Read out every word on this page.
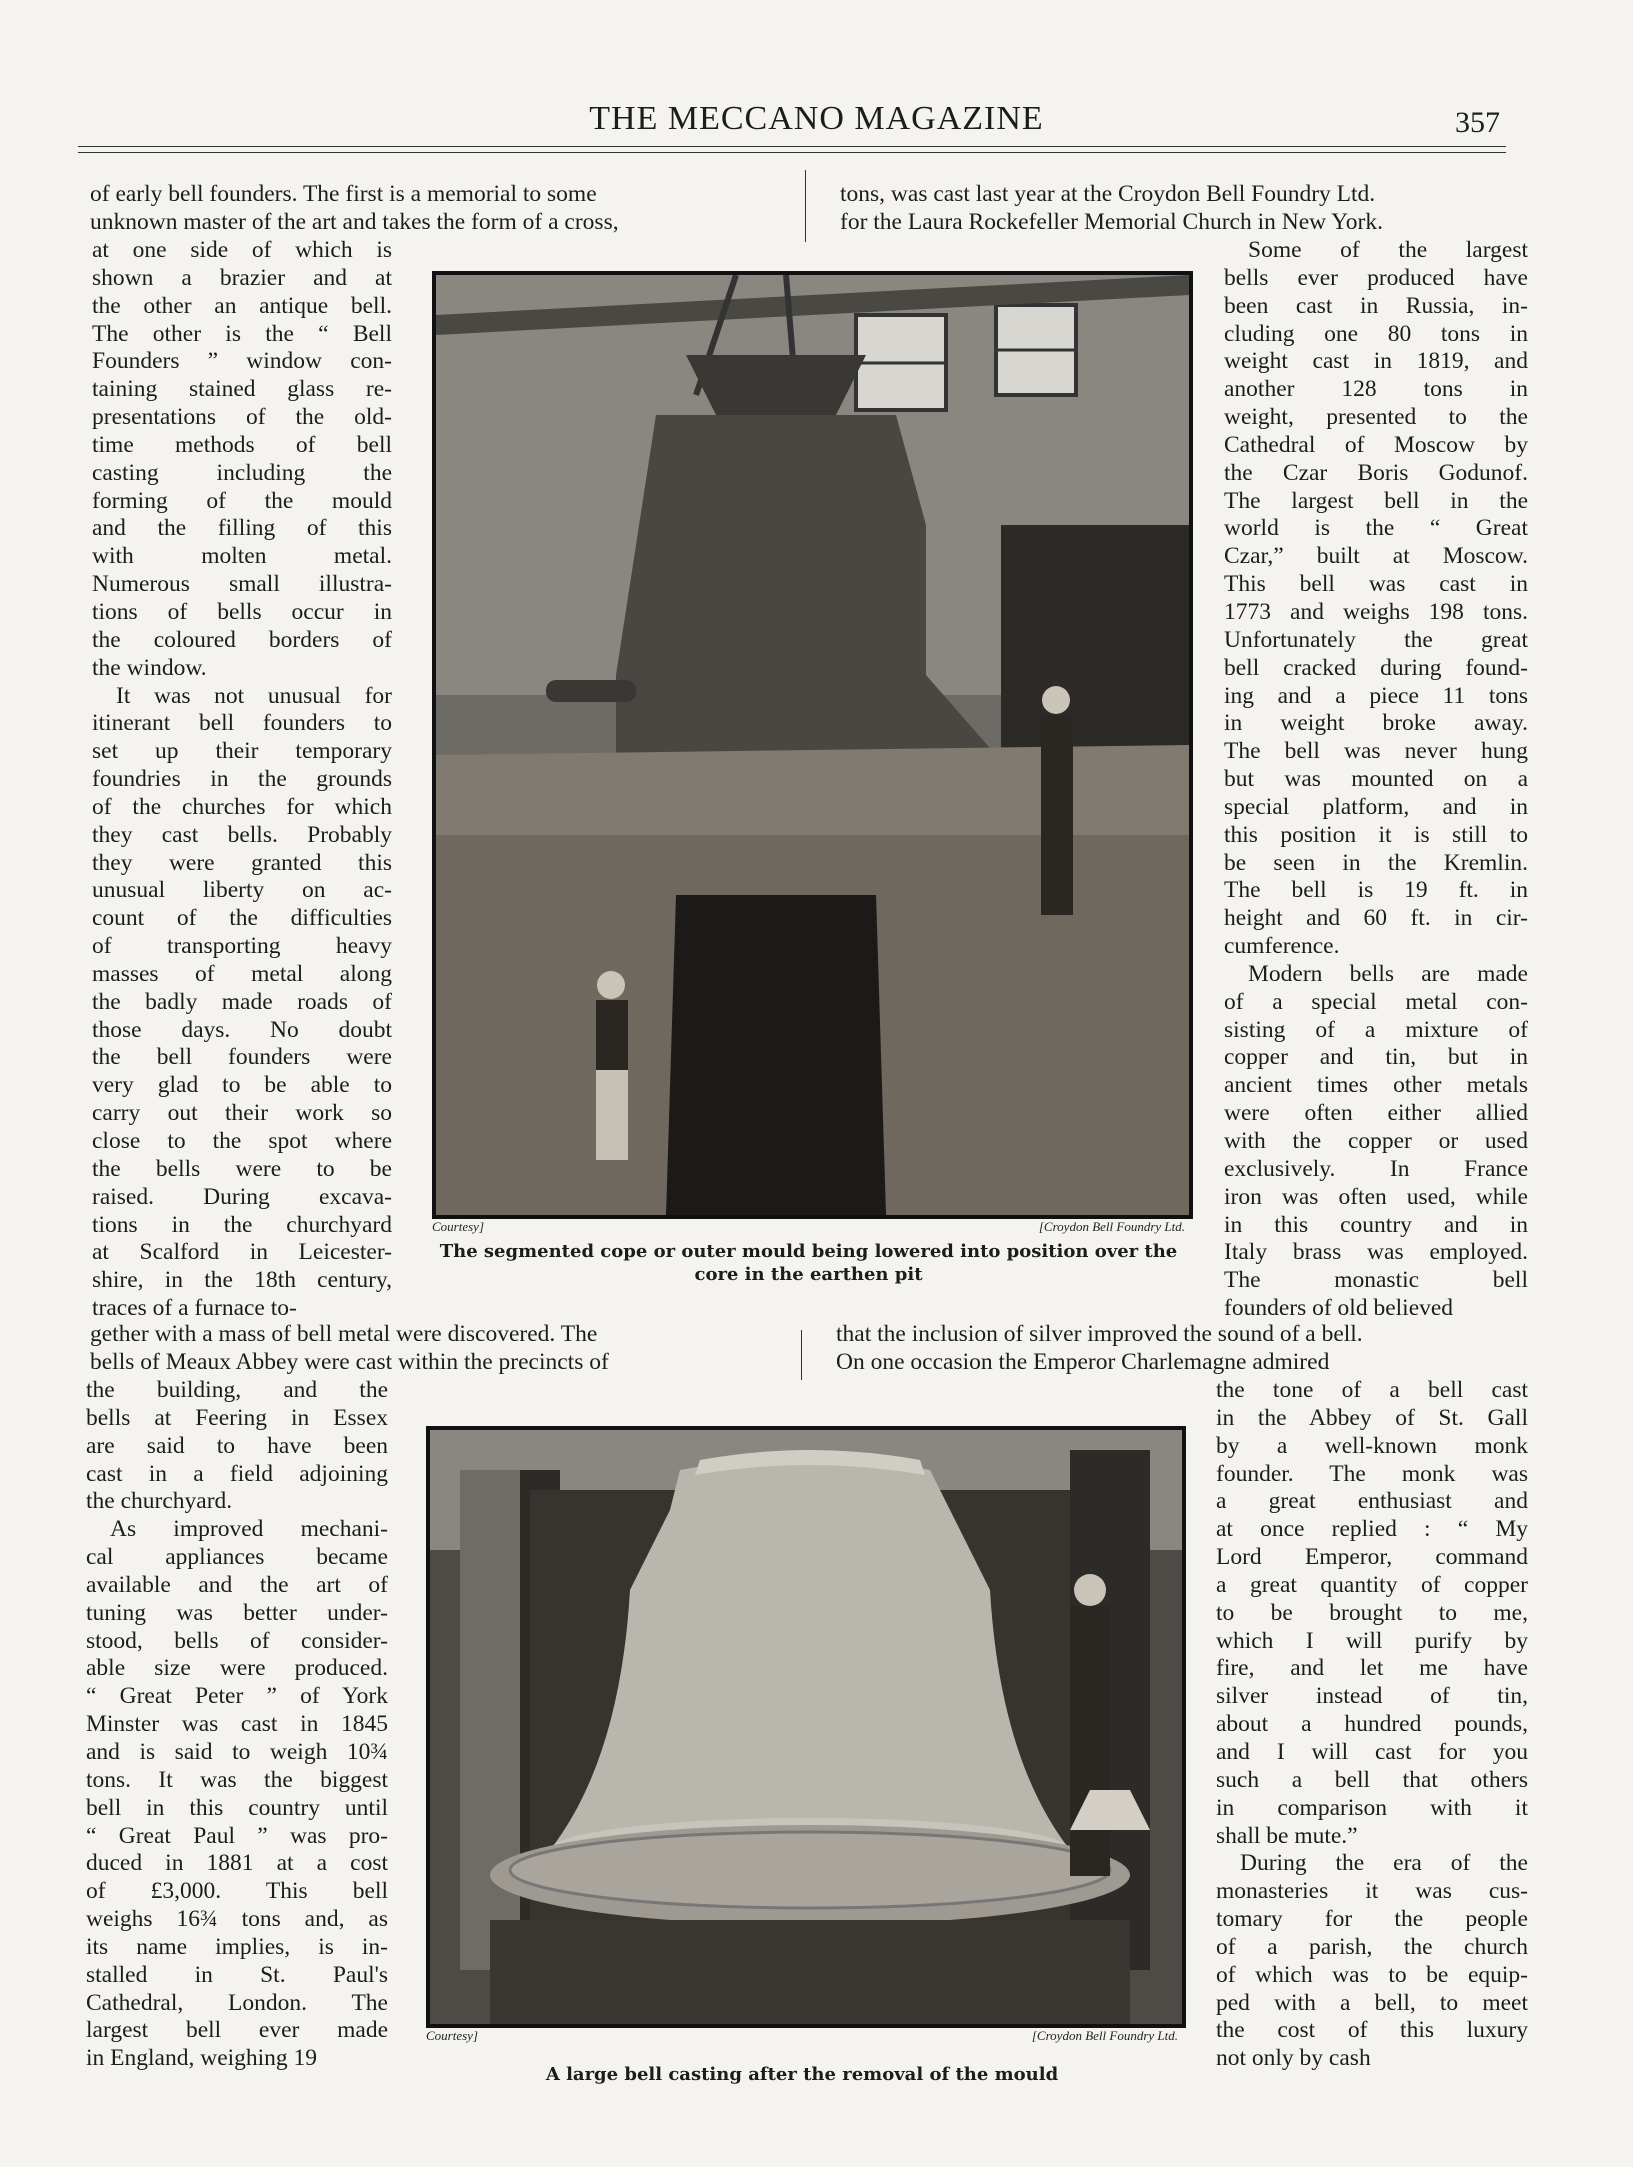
THE MECCANO MAGAZINE	357
of early bell founders. The first is a memorial to some
unknown master of the art and takes the form of a cross,
tons, was cast last year at the Croydon Bell Foundry Ltd.
for the Laura Rockefeller Memorial Church in New York.
at one side of which is
shown a brazier and at
the other an antique bell.
The other is the “ Bell
Founders ” window con-
taining stained glass re-
presentations of the old-
time methods of bell
casting including the
forming of the mould
and the filling of this
with molten metal.
Numerous small illustra-
tions of bells occur in
the coloured borders of
the window.
It was not unusual for
itinerant bell founders to
set up their temporary
foundries in the grounds
of the churches for which
they cast bells. Probably
they were granted this
unusual liberty on ac-
count of the difficulties
of transporting heavy
masses of metal along
the badly made roads of
those days. No doubt
the bell founders were
very glad to be able to
carry out their work so
close to the spot where
the bells were to be
raised. During excava-
tions in the churchyard
at Scalford in Leicester-
shire, in the 18th century,
traces of a furnace to-
Some of the largest
bells ever produced have
been cast in Russia, in-
cluding one 80 tons in
weight cast in 1819, and
another 128 tons in
weight, presented to the
Cathedral of Moscow by
the Czar Boris Godunof.
The largest bell in the
world is the “ Great
Czar,” built at Moscow.
This bell was cast in
1773 and weighs 198 tons.
Unfortunately the great
bell cracked during found-
ing and a piece 11 tons
in weight broke away.
The bell was never hung
but was mounted on a
special platform, and in
this position it is still to
be seen in the Kremlin.
The bell is 19 ft. in
height and 60 ft. in cir-
cumference.
Modern bells are made
of a special metal con-
sisting of a mixture of
copper and tin, but in
ancient times other metals
were often either allied
with the copper or used
exclusively. In France
iron was often used, while
in this country and in
Italy brass was employed.
The monastic bell
founders of old believed
Courtesy]	[Croydon Bell Foundry Ltd.
The segmented cope or outer mould being lowered into position over the core in the earthen pit
gether with a mass of bell metal were discovered. The
bells of Meaux Abbey were cast within the precincts of
that the inclusion of silver improved the sound of a bell.
On one occasion the Emperor Charlemagne admired
the building, and the
bells at Feering in Essex
are said to have been
cast in a field adjoining
the churchyard.
As improved mechani-
cal appliances became
available and the art of
tuning was better under-
stood, bells of consider-
able size were produced.
“ Great Peter ” of York
Minster was cast in 1845
and is said to weigh 10¾
tons. It was the biggest
bell in this country until
“ Great Paul ” was pro-
duced in 1881 at a cost
of £3,000. This bell
weighs 16¾ tons and, as
its name implies, is in-
stalled in St. Paul's
Cathedral, London. The
largest bell ever made
in England, weighing 19
the tone of a bell cast
in the Abbey of St. Gall
by a well-known monk
founder. The monk was
a great enthusiast and
at once replied : “ My
Lord Emperor, command
a great quantity of copper
to be brought to me,
which I will purify by
fire, and let me have
silver instead of tin,
about a hundred pounds,
and I will cast for you
such a bell that others
in comparison with it
shall be mute.”
During the era of the
monasteries it was cus-
tomary for the people
of a parish, the church
of which was to be equip-
ped with a bell, to meet
the cost of this luxury
not only by cash
Courtesy]	[Croydon Bell Foundry Ltd.
A large bell casting after the removal of the mould
